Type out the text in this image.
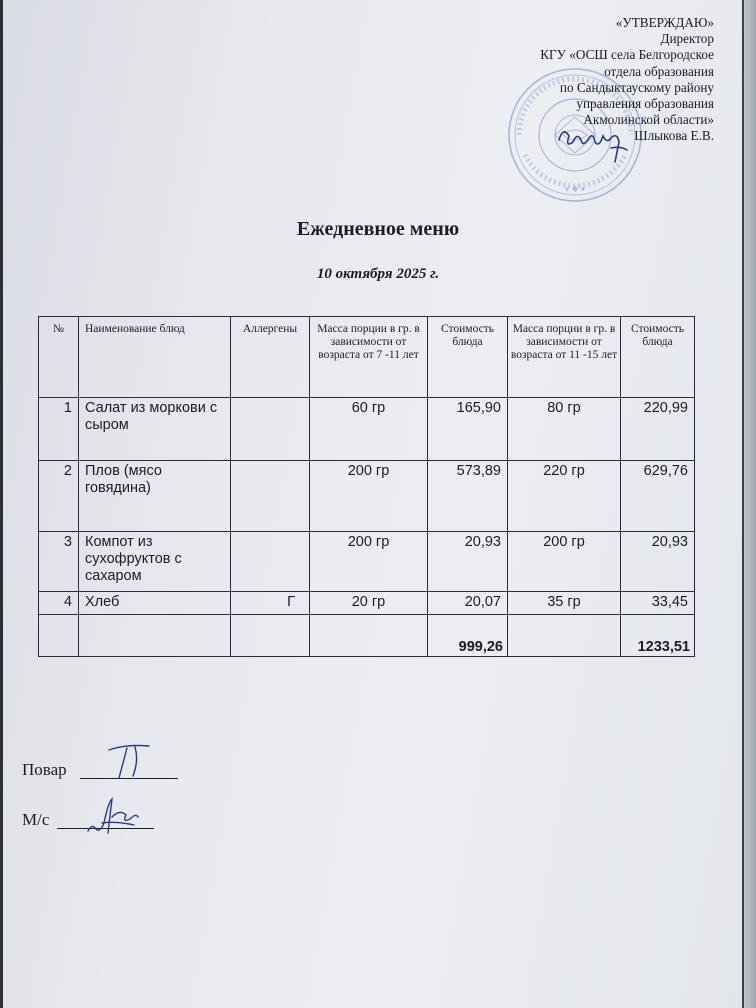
«УТВЕРЖДАЮ»
Директор
КГУ «ОСШ села Белгородское
отдела образования
по Сандыктаускому району
управления образования
Акмолинской области»
Шлыкова Е.В.
Ежедневное меню
10 октября 2025 г.
№	Наименование блюд	Аллергены	Масса порции в гр. в зависимости от возраста от 7 -11 лет	Стоимость блюда	Масса порции в гр. в зависимости от возраста от 11 -15 лет	Стоимость блюда
1	Салат из моркови с сыром		60 гр	165,90	80 гр	220,99
2	Плов (мясо говядина)		200 гр	573,89	220 гр	629,76
3	Компот из сухофруктов с сахаром		200 гр	20,93	200 гр	20,93
4	Хлеб	Г	20 гр	20,07	35 гр	33,45
				999,26		1233,51
Повар
М/с
